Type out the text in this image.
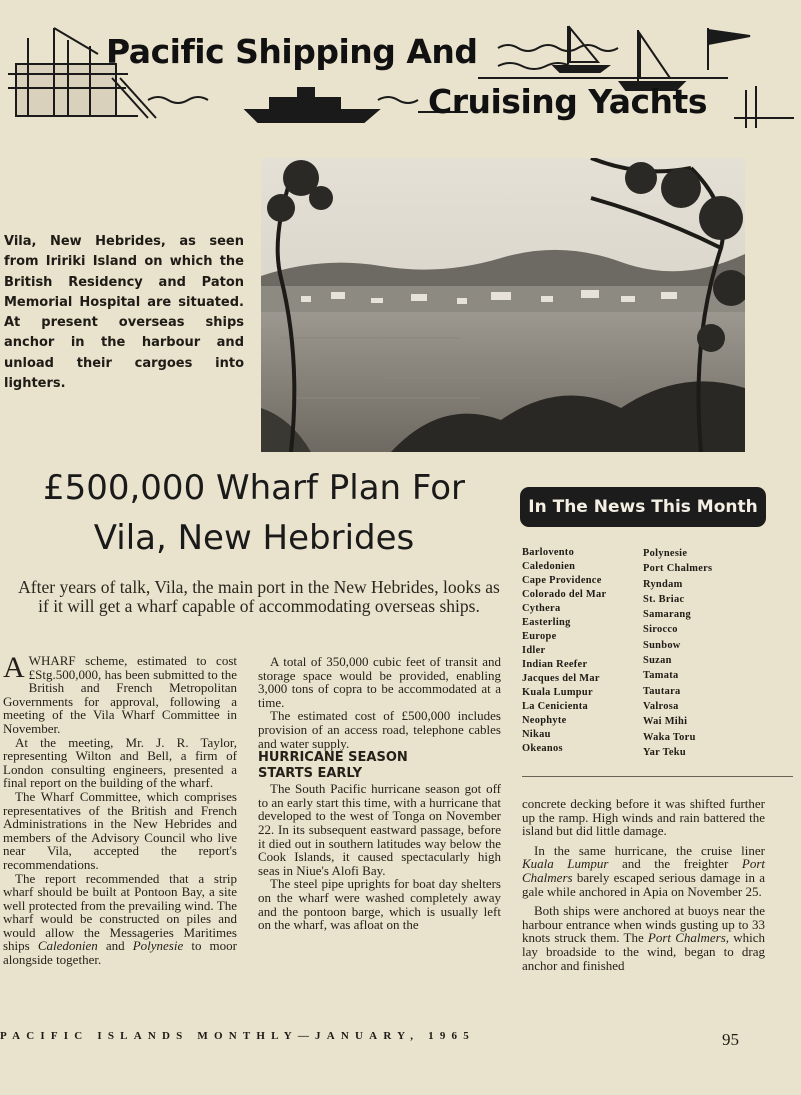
Pacific Shipping And
Cruising Yachts
Vila, New Hebrides, as seen from Iririki Island on which the British Residency and Paton Memorial Hospital are situated. At present overseas ships anchor in the harbour and unload their cargoes into lighters.
£500,000 Wharf Plan For
Vila, New Hebrides
After years of talk, Vila, the main port in the New Hebrides, looks as if it will get a wharf capable of accommodating overseas ships.
In The News This Month
Barlovento
Caledonien
Cape Providence
Colorado del Mar
Cythera
Easterling
Europe
Idler
Indian Reefer
Jacques del Mar
Kuala Lumpur
La Cenicienta
Neophyte
Nikau
Okeanos
Polynesie
Port Chalmers
Ryndam
St. Briac
Samarang
Sirocco
Sunbow
Suzan
Tamata
Tautara
Valrosa
Wai Mihi
Waka Toru
Yar Teku

AWHARF scheme, estimated to cost £Stg.500,000, has been submitted to the British and French Metropolitan Governments for approval, following a meeting of the Vila Wharf Committee in November.

At the meeting, Mr. J. R. Taylor, representing Wilton and Bell, a firm of London consulting engineers, presented a final report on the building of the wharf.

The Wharf Committee, which comprises representatives of the British and French Administrations in the New Hebrides and members of the Advisory Council who live near Vila, accepted the report's recommendations.

The report recommended that a strip wharf should be built at Pontoon Bay, a site well protected from the prevailing wind. The wharf would be constructed on piles and would allow the Messageries Maritimes ships Caledonien and Polynesie to moor alongside together.

A total of 350,000 cubic feet of transit and storage space would be provided, enabling 3,000 tons of copra to be accommodated at a time.

The estimated cost of £500,000 includes provision of an access road, telephone cables and water supply.

HURRICANE SEASON
STARTS EARLY

The South Pacific hurricane season got off to an early start this time, with a hurricane that developed to the west of Tonga on November 22. In its subsequent eastward passage, before it died out in southern latitudes way below the Cook Islands, it caused spectacularly high seas in Niue's Alofi Bay.

The steel pipe uprights for boat day shelters on the wharf were washed completely away and the pontoon barge, which is usually left on the wharf, was afloat on the

concrete decking before it was shifted further up the ramp. High winds and rain battered the island but did little damage.

In the same hurricane, the cruise liner Kuala Lumpur and the freighter Port Chalmers barely escaped serious damage in a gale while anchored in Apia on November 25.

Both ships were anchored at buoys near the harbour entrance when winds gusting up to 33 knots struck them. The Port Chalmers, which lay broadside to the wind, began to drag anchor and finished

PACIFIC ISLANDS MONTHLY—JANUARY, 1965	95
